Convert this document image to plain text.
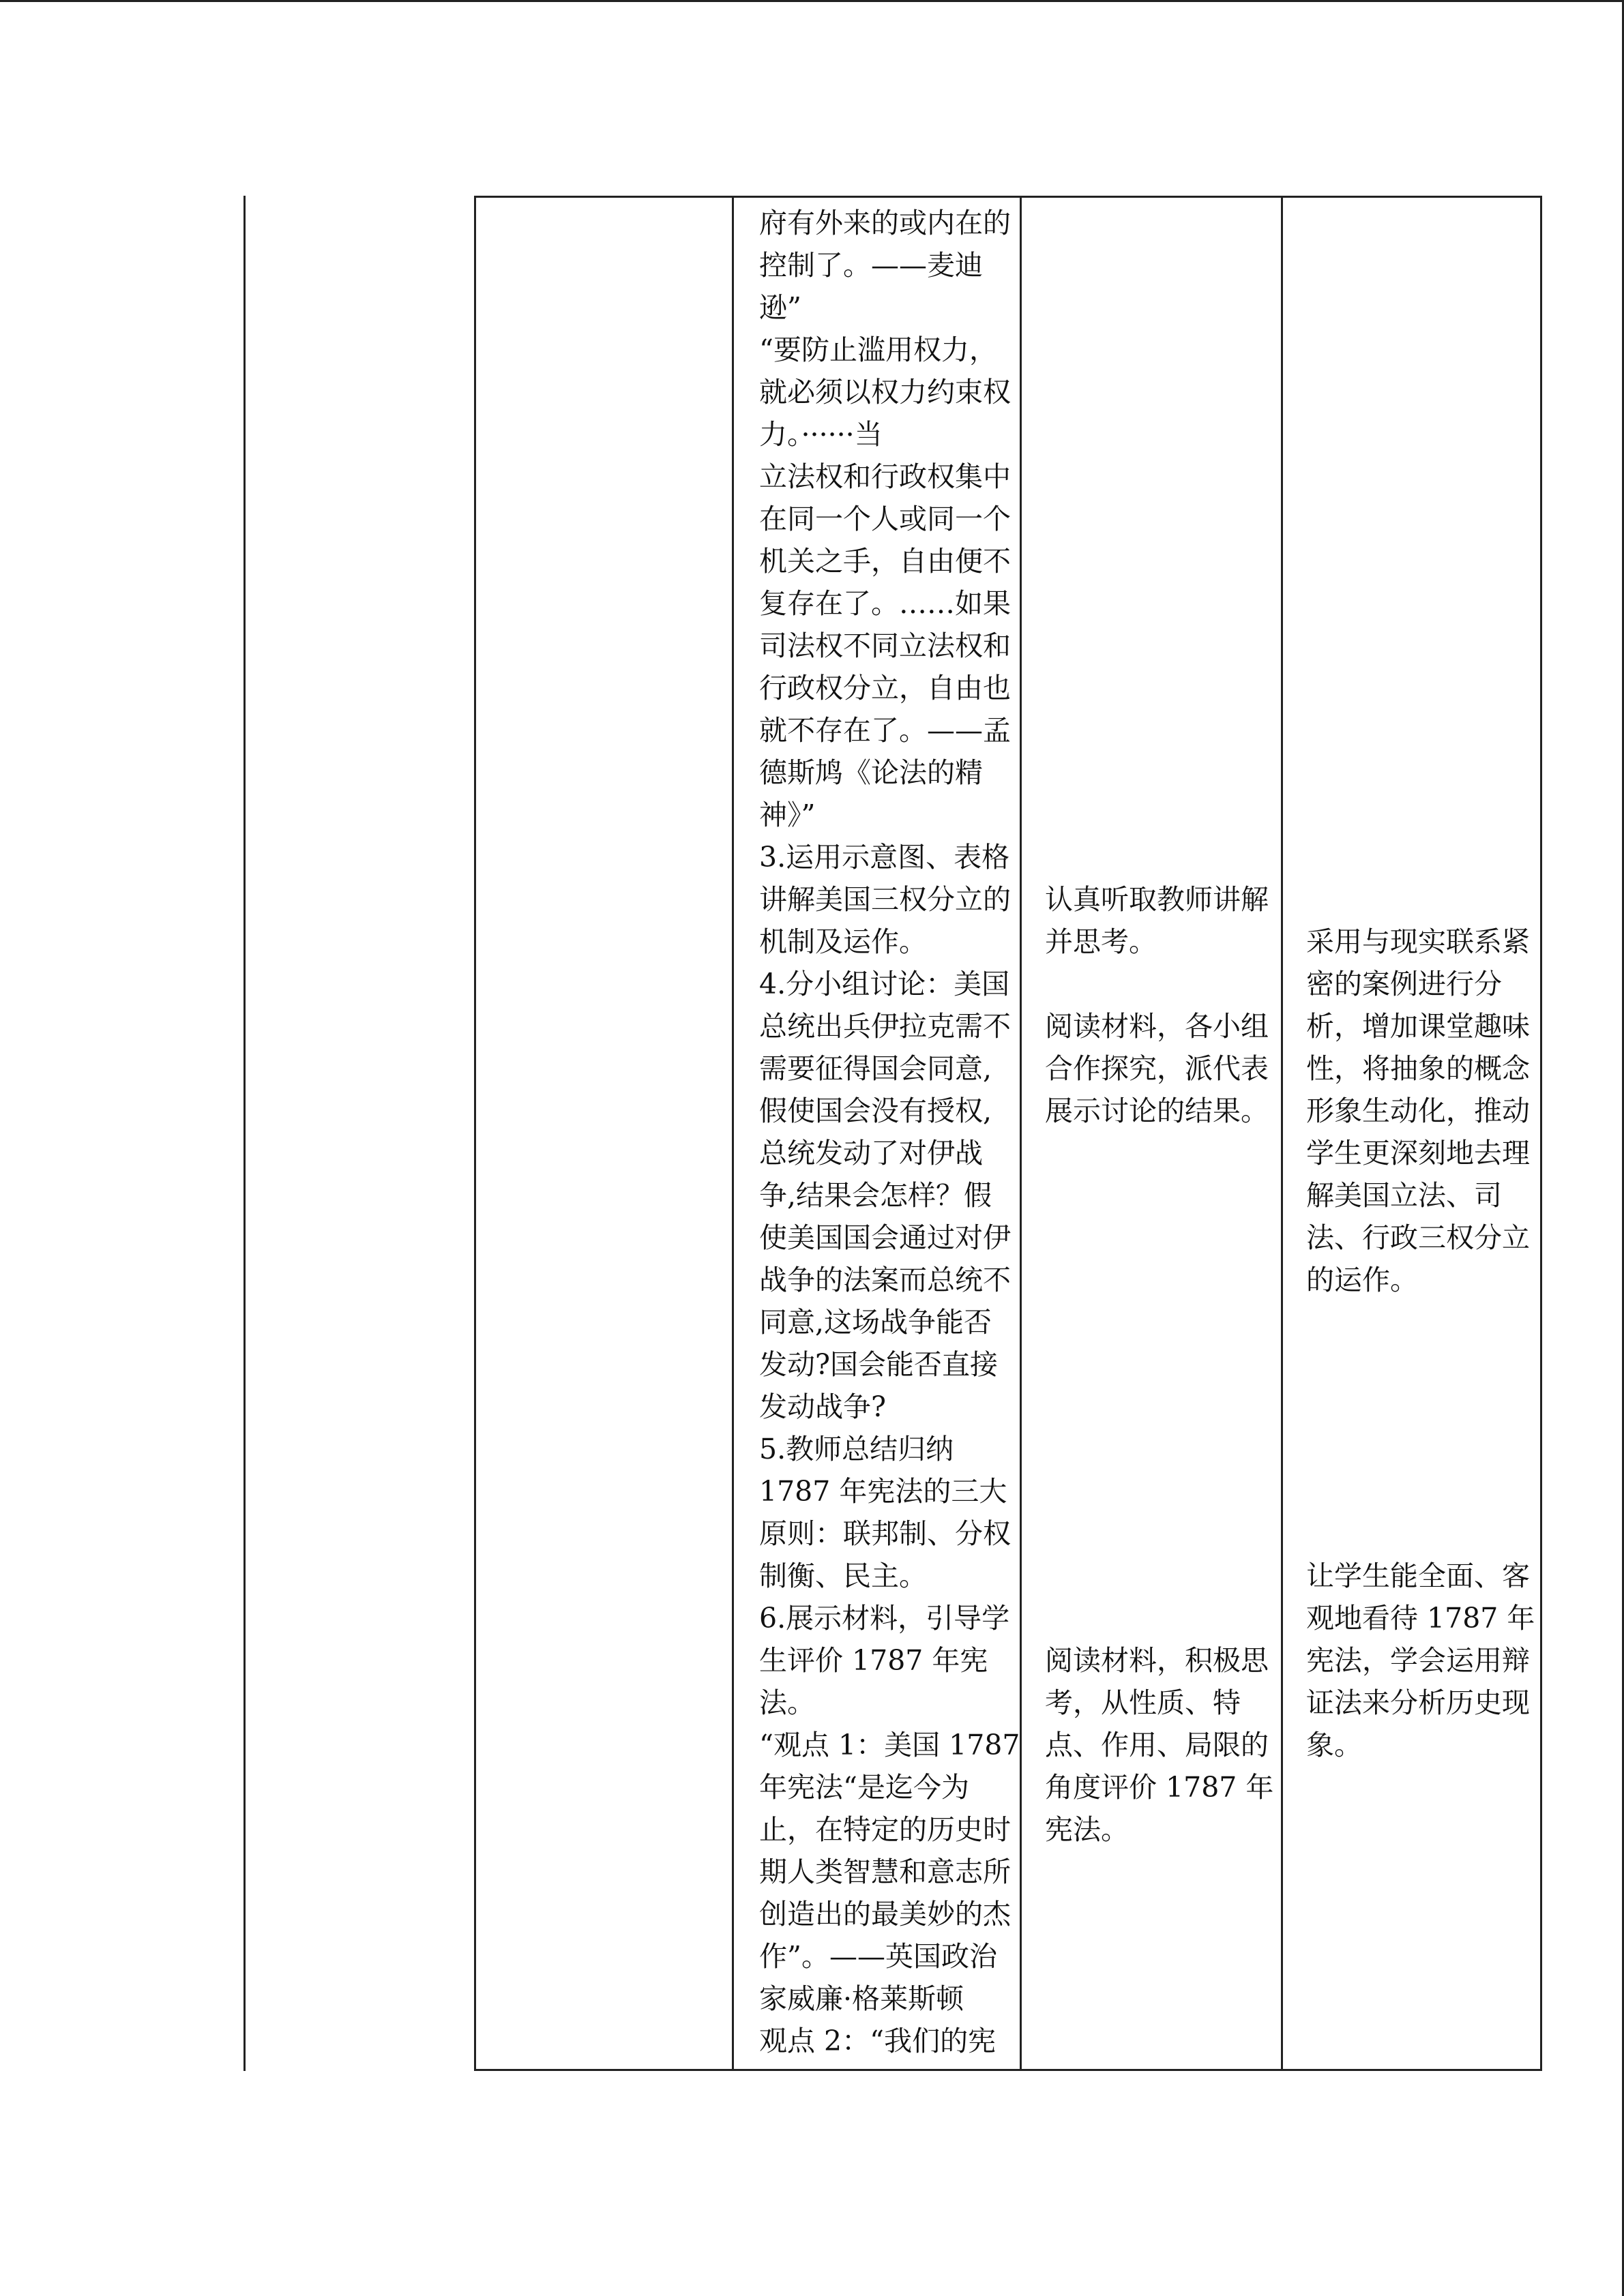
府有外来的或内在的

控制了。——麦迪

逊”

“要防止滥用权力，

就必须以权力约束权

力。······当

立法权和行政权集中

在同一个人或同一个

机关之手，自由便不

复存在了。……如果

司法权不同立法权和

行政权分立，自由也

就不存在了。——孟

德斯鸠《论法的精

神》”

3.运用示意图、表格

讲解美国三权分立的

机制及运作。

4.分小组讨论：美国

总统出兵伊拉克需不

需要征得国会同意,

假使国会没有授权,

总统发动了对伊战

争,结果会怎样？假

使美国国会通过对伊

战争的法案而总统不

同意,这场战争能否

发动?国会能否直接

发动战争?

5.教师总结归纳

1787 年宪法的三大

原则：联邦制、分权

制衡、民主。

6.展示材料，引导学

生评价 1787 年宪

法。

“观点 1：美国 1787

年宪法“是迄今为

止，在特定的历史时

期人类智慧和意志所

创造出的最美妙的杰

作”。——英国政治

家威廉·格莱斯顿

观点 2：“我们的宪

认真听取教师讲解

并思考。

阅读材料，各小组

合作探究，派代表

展示讨论的结果。

阅读材料，积极思

考，从性质、特

点、作用、局限的

角度评价 1787 年

宪法。

采用与现实联系紧

密的案例进行分

析，增加课堂趣味

性，将抽象的概念

形象生动化，推动

学生更深刻地去理

解美国立法、司

法、行政三权分立

的运作。

让学生能全面、客

观地看待 1787 年

宪法，学会运用辩

证法来分析历史现

象。
